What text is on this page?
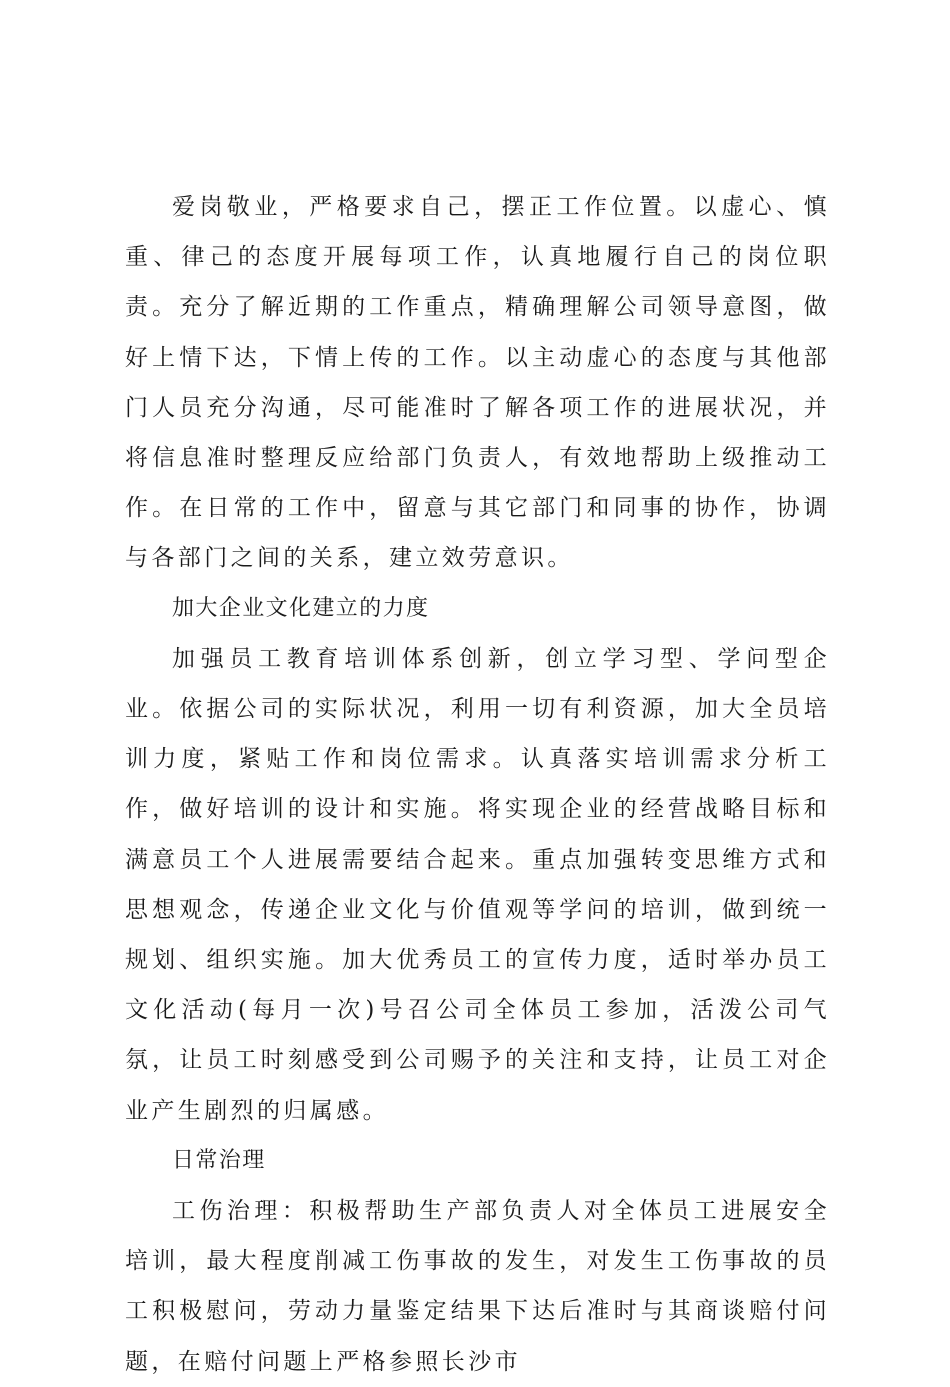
爱岗敬业，严格要求自己，摆正工作位置。以虚心、慎重、律己的态度开展每项工作，认真地履行自己的岗位职责。充分了解近期的工作重点，精确理解公司领导意图，做好上情下达，下情上传的工作。以主动虚心的态度与其他部门人员充分沟通，尽可能准时了解各项工作的进展状况，并将信息准时整理反应给部门负责人，有效地帮助上级推动工作。在日常的工作中，留意与其它部门和同事的协作，协调与各部门之间的关系，建立效劳意识。

加大企业文化建立的力度

加强员工教育培训体系创新，创立学习型、学问型企业。依据公司的实际状况，利用一切有利资源，加大全员培训力度，紧贴工作和岗位需求。认真落实培训需求分析工作，做好培训的设计和实施。将实现企业的经营战略目标和满意员工个人进展需要结合起来。重点加强转变思维方式和思想观念，传递企业文化与价值观等学问的培训，做到统一规划、组织实施。加大优秀员工的宣传力度，适时举办员工文化活动(每月一次)号召公司全体员工参加，活泼公司气氛，让员工时刻感受到公司赐予的关注和支持，让员工对企业产生剧烈的归属感。

日常治理

工伤治理：积极帮助生产部负责人对全体员工进展安全培训，最大程度削减工伤事故的发生，对发生工伤事故的员工积极慰问，劳动力量鉴定结果下达后准时与其商谈赔付问题，在赔付问题上严格参照长沙市
